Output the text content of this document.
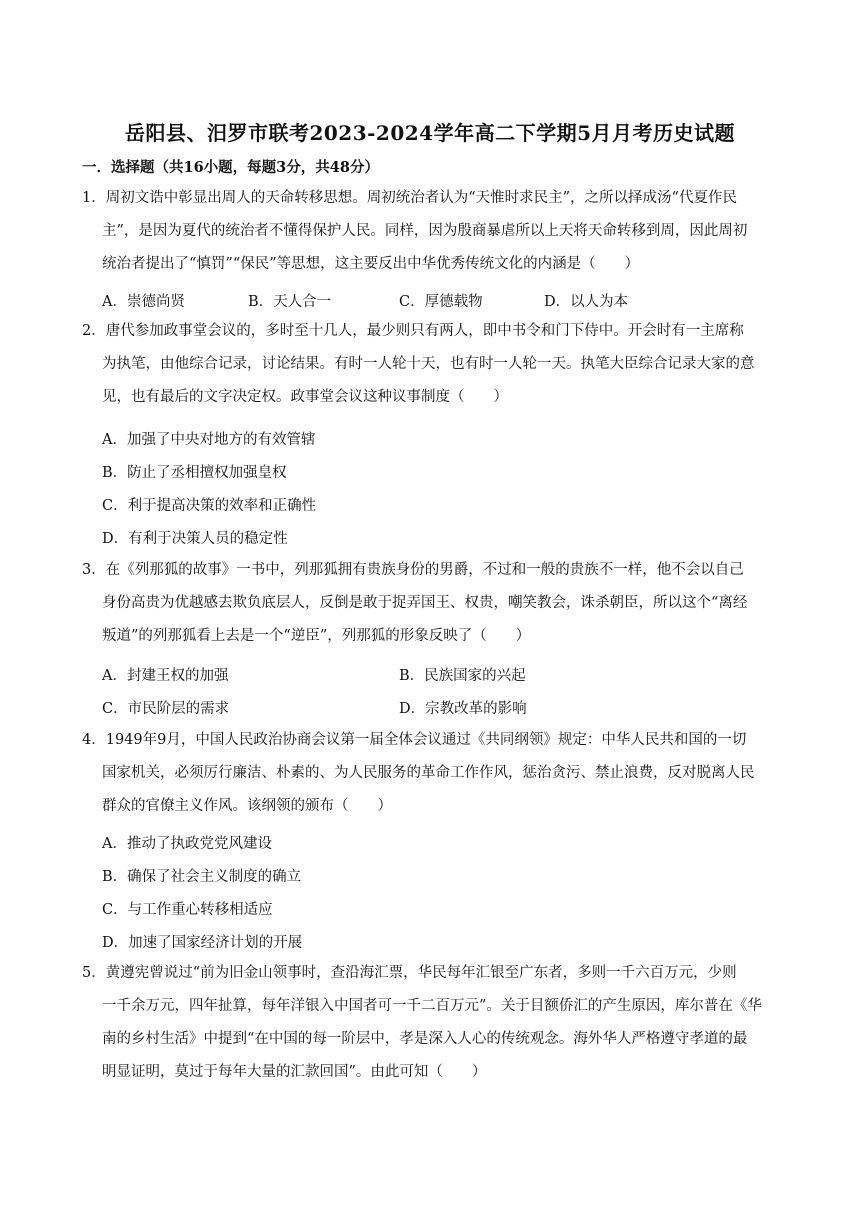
岳阳县、汨罗市联考2023-2024学年高二下学期5月月考历史试题
一．选择题（共16小题，每题3分，共48分）
1．周初文诰中彰显出周人的天命转移思想。周初统治者认为“天惟时求民主”，之所以择成汤“代夏作民
主”，是因为夏代的统治者不懂得保护人民。同样，因为殷商暴虐所以上天将天命转移到周，因此周初
统治者提出了“慎罚”“保民”等思想，这主要反出中华优秀传统文化的内涵是（　　）
A．崇德尚贤	B．天人合一	C．厚德载物	D．以人为本
2．唐代参加政事堂会议的，多时至十几人，最少则只有两人，即中书令和门下侍中。开会时有一主席称
为执笔，由他综合记录，讨论结果。有时一人轮十天，也有时一人轮一天。执笔大臣综合记录大家的意
见，也有最后的文字决定权。政事堂会议这种议事制度（　　）
A．加强了中央对地方的有效管辖
B．防止了丞相擅权加强皇权
C．利于提高决策的效率和正确性
D．有利于决策人员的稳定性
3．在《列那狐的故事》一书中，列那狐拥有贵族身份的男爵，不过和一般的贵族不一样，他不会以自己
身份高贵为优越感去欺负底层人，反倒是敢于捉弄国王、权贵，嘲笑教会，诛杀朝臣，所以这个“离经
叛道”的列那狐看上去是一个“逆臣”，列那狐的形象反映了（　　）
A．封建王权的加强	B．民族国家的兴起
C．市民阶层的需求	D．宗教改革的影响
4．1949年9月，中国人民政治协商会议第一届全体会议通过《共同纲领》规定：中华人民共和国的一切
国家机关，必须厉行廉洁、朴素的、为人民服务的革命工作作风，惩治贪污、禁止浪费，反对脱离人民
群众的官僚主义作风。该纲领的颁布（　　）
A．推动了执政党党风建设
B．确保了社会主义制度的确立
C．与工作重心转移相适应
D．加速了国家经济计划的开展
5．黄遵宪曾说过“前为旧金山领事时，查沿海汇票，华民每年汇银至广东者，多则一千六百万元，少则
一千余万元，四年扯算，每年洋银入中国者可一千二百万元”。关于目额侨汇的产生原因，库尔普在《华
南的乡村生活》中提到“在中国的每一阶层中，孝是深入人心的传统观念。海外华人严格遵守孝道的最
明显证明，莫过于每年大量的汇款回国”。由此可知（　　）
